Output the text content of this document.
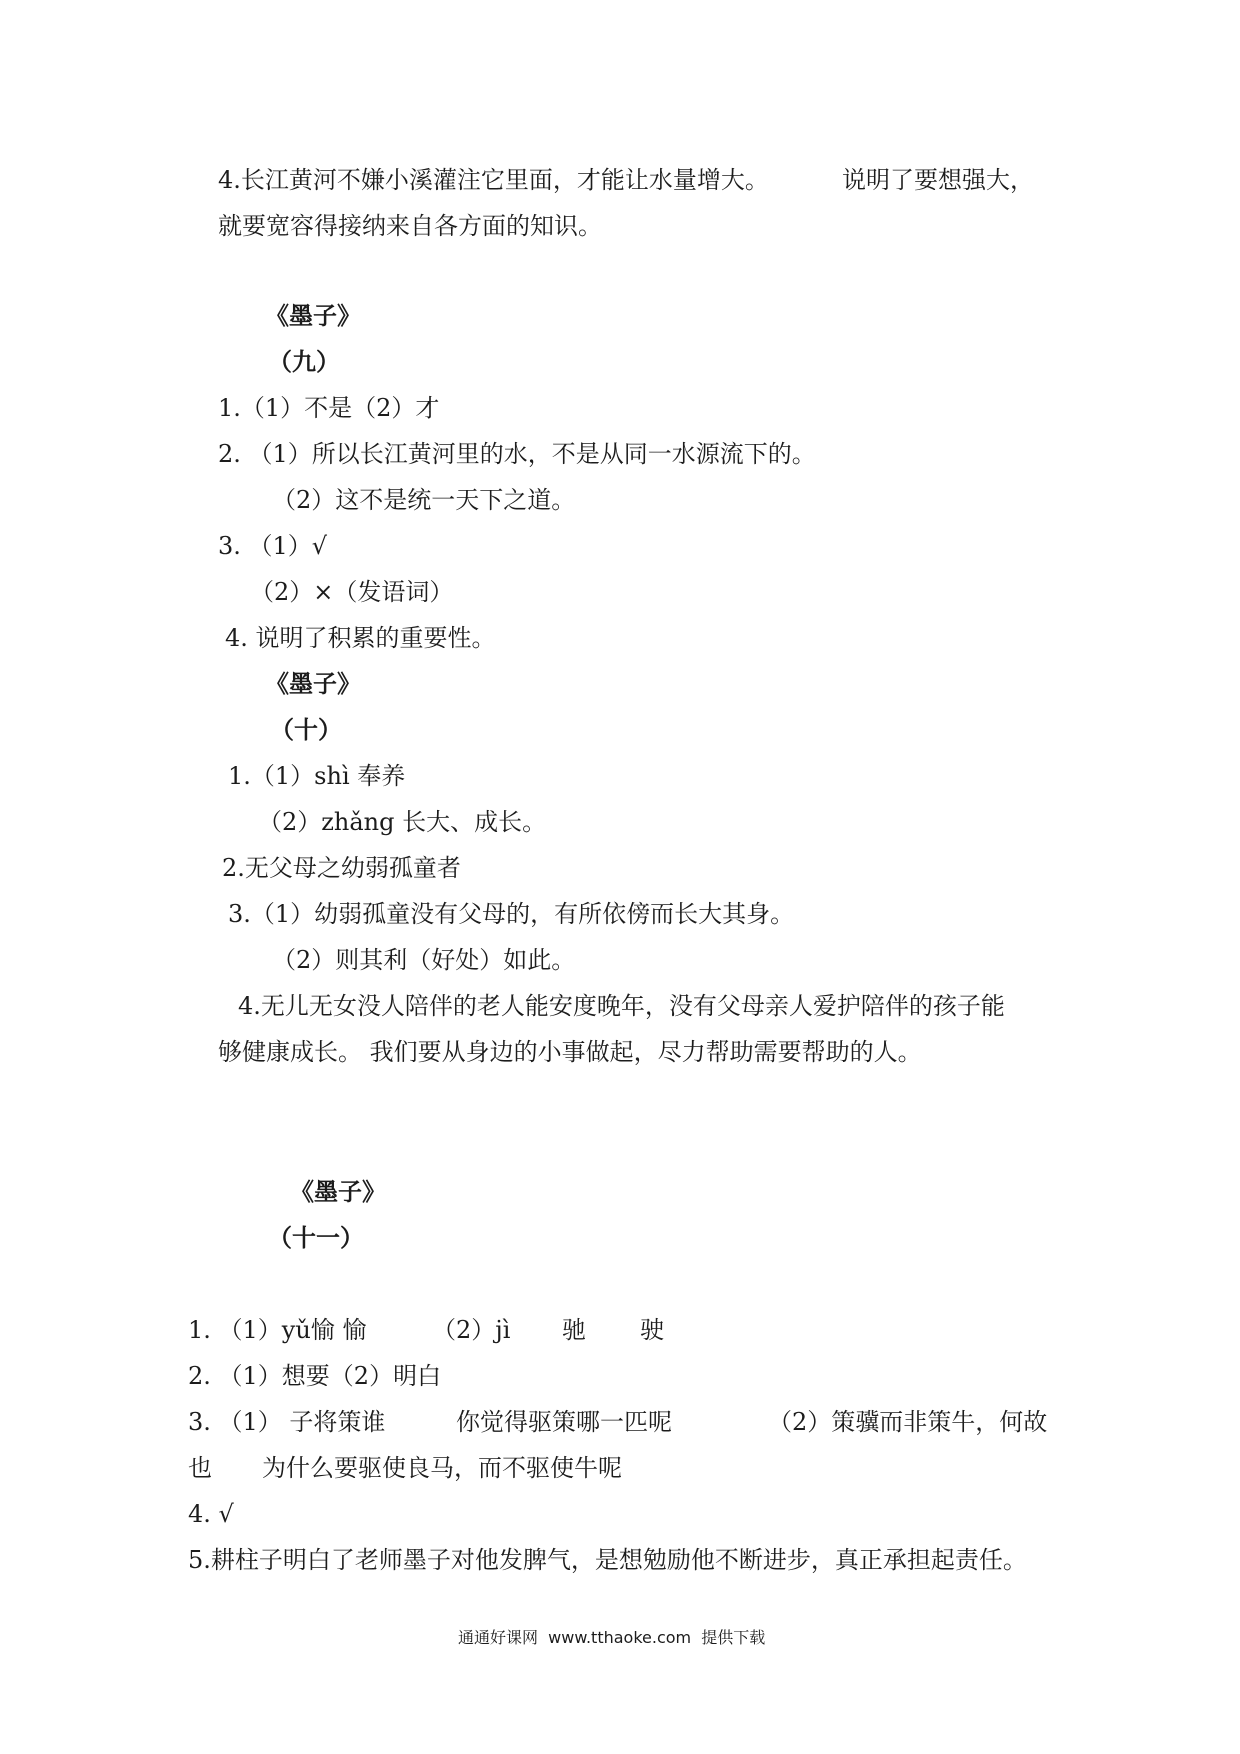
4.长江黄河不嫌小溪灌注它里面，才能让水量增大。	说明了要想强大，
就要宽容得接纳来自各方面的知识。
《墨子》
（九）
1.（1）不是（2）才
2. （1）所以长江黄河里的水，不是从同一水源流下的。
（2）这不是统一天下之道。
3. （1）√
（2）×（发语词）
4. 说明了积累的重要性。
《墨子》
（十）
1.（1）shì 奉养
（2）zhǎng 长大、成长。
2.无父母之幼弱孤童者
3.（1）幼弱孤童没有父母的，有所依傍而长大其身。
（2）则其利（好处）如此。
4.无儿无女没人陪伴的老人能安度晚年，没有父母亲人爱护陪伴的孩子能
够健康成长。 我们要从身边的小事做起，尽力帮助需要帮助的人。
《墨子》
（十一）
1. （1）yǔ愉 愉	（2）jì 驰 驶
2. （1）想要（2）明白
3. （1） 子将策谁	你觉得驱策哪一匹呢	（2）策骥而非策牛，何故
也 为什么要驱使良马，而不驱使牛呢
4. √
5.耕柱子明白了老师墨子对他发脾气，是想勉励他不断进步，真正承担起责任。
通通好课网  www.tthaoke.com  提供下载
